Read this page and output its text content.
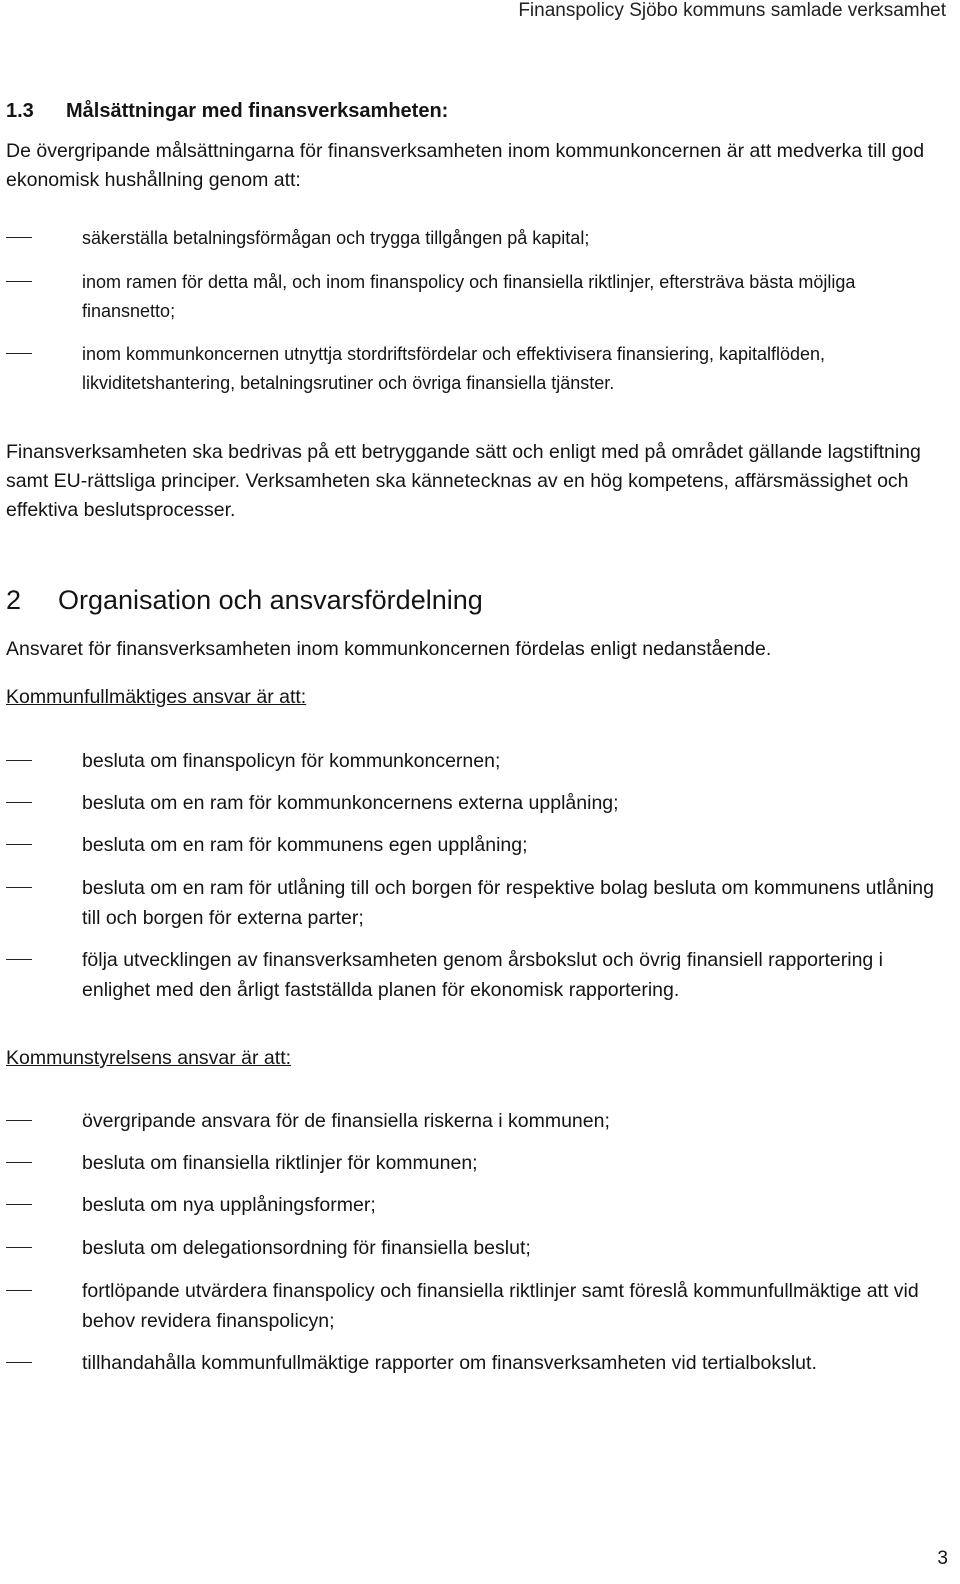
Finanspolicy Sjöbo kommuns samlade verksamhet
1.3 Målsättningar med finansverksamheten:
De övergripande målsättningarna för finansverksamheten inom kommunkoncernen är att medverka till god ekonomisk hushållning genom att:
säkerställa betalningsförmågan och trygga tillgången på kapital;
inom ramen för detta mål, och inom finanspolicy och finansiella riktlinjer, eftersträva bästa möjliga finansnetto;
inom kommunkoncernen utnyttja stordriftsfördelar och effektivisera finansiering, kapitalflöden, likviditetshantering, betalningsrutiner och övriga finansiella tjänster.
Finansverksamheten ska bedrivas på ett betryggande sätt och enligt med på området gällande lagstiftning samt EU-rättsliga principer. Verksamheten ska kännetecknas av en hög kompetens, affärsmässighet och effektiva beslutsprocesser.
2 Organisation och ansvarsfördelning
Ansvaret för finansverksamheten inom kommunkoncernen fördelas enligt nedanstående.
Kommunfullmäktiges ansvar är att:
besluta om finanspolicyn för kommunkoncernen;
besluta om en ram för kommunkoncernens externa upplåning;
besluta om en ram för kommunens egen upplåning;
besluta om en ram för utlåning till och borgen för respektive bolag besluta om kommunens utlåning till och borgen för externa parter;
följa utvecklingen av finansverksamheten genom årsbokslut och övrig finansiell rapportering i enlighet med den årligt fastställda planen för ekonomisk rapportering.
Kommunstyrelsens ansvar är att:
övergripande ansvara för de finansiella riskerna i kommunen;
besluta om finansiella riktlinjer för kommunen;
besluta om nya upplåningsformer;
besluta om delegationsordning för finansiella beslut;
fortlöpande utvärdera finanspolicy och finansiella riktlinjer samt föreslå kommunfullmäktige att vid behov revidera finanspolicyn;
tillhandahålla kommunfullmäktige rapporter om finansverksamheten vid tertialbokslut.
3
